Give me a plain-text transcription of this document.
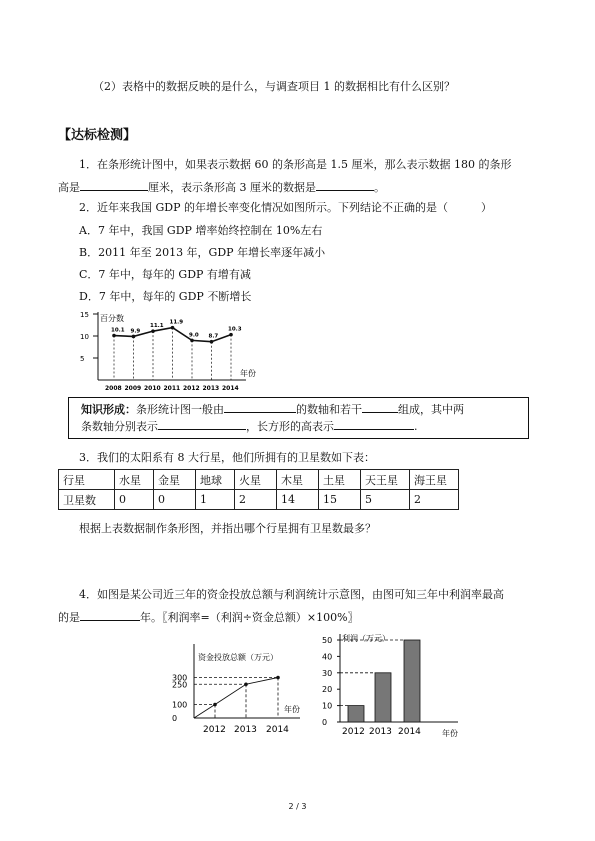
（2）表格中的数据反映的是什么，与调查项目 1 的数据相比有什么区别？
【达标检测】
1．在条形统计图中，如果表示数据 60 的条形高是 1.5 厘米，那么表示数据 180 的条形
高是	厘米，表示条形高 3 厘米的数据是	。
2．近年来我国 GDP 的年增长率变化情况如图所示。下列结论不正确的是（　　　）
A．7 年中，我国 GDP 增率始终控制在 10%左右
B．2011 年至 2013 年，GDP 年增长率逐年减小
C．7 年中，每年的 GDP 有增有减
D．7 年中，每年的 GDP 不断增长
百分数
年份
15
10
5
10.1
2008
9.9
2009
11.1
2010
11.9
2011
9.0
2012
8.7
2013
10.3
2014
知识形成：条形统计图一般由	的数轴和若干	组成，其中两
条数轴分别表示	，长方形的高表示	.
3．我们的太阳系有 8 大行星，他们所拥有的卫星数如下表：
行星	水星	金星	地球	火星	木星	土星	天王星	海王星
卫星数	0	0	1	2	14	15	5	2
根据上表数据制作条形图，并指出哪个行星拥有卫星数最多？
4．如图是某公司近三年的资金投放总额与利润统计示意图，由图可知三年中利润率最高
的是	年。〖利润率=（利润÷资金总额）×100%〗
资金投放总额（万元）
年份
300
250
100
0
2012 2013 2014
利润（万元）
年份
50
40
30
20
10
0
2012 2013 2014
2 / 3
